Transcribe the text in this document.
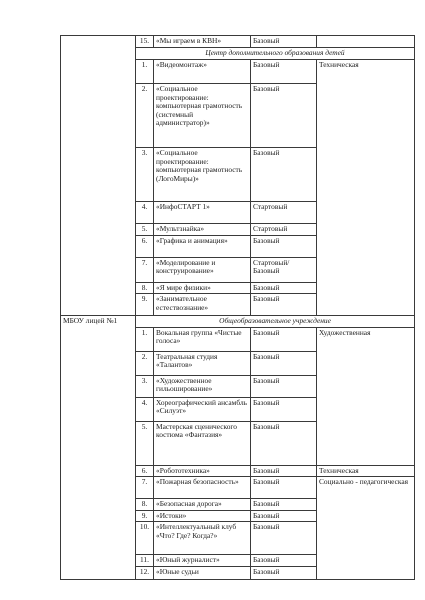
	15.	«Мы играем в КВН»	Базовый		
	Центр дополнительного образования детей				
	1.	«Видеомонтаж»	Базовый	Техническая	
	2.	«Социальное проектирование: компьютерная грамотность (системный администратор)»	Базовый		
	3.	«Социальное проектирование: компьютерная грамотность (ЛогоМиры)»	Базовый		
	4.	«ИнфоСТАРТ 1»	Стартовый		
	5.	«Мультзнайка»	Стартовый		
	6.	«Графика и анимация»	Базовый		
	7.	«Моделирование и конструирование»	Стартовый/ Базовый		
	8.	«Я мире физики»	Базовый	
	9.	«Занимательное естествознание»	Базовый		
МБОУ лицей №1	Общеобразовательное учреждение				
	1.	Вокальная группа «Чистые голоса»	Базовый	Художественная	
	2.	Театральная студия «Талантов»	Базовый		
	3.	«Художественное гильоширование»	Базовый		
	4.	Хореографический ансамбль «Силуэт»	Базовый		
	5.	Мастерская сценического костюма «Фантазия»	Базовый		
	6.	«Робототехника»	Базовый	Техническая	
	7.	«Пожарная безопасность»	Базовый	Социально - педагогическая	
	8.	«Безопасная дорога»	Базовый		
	9.	«Истоки»	Базовый		
	10.	«Интеллектуальный клуб «Что? Где? Когда?»	Базовый		
	11.	«Юный журналист»	Базовый		
	12.	«Юные судьи	Базовый		
